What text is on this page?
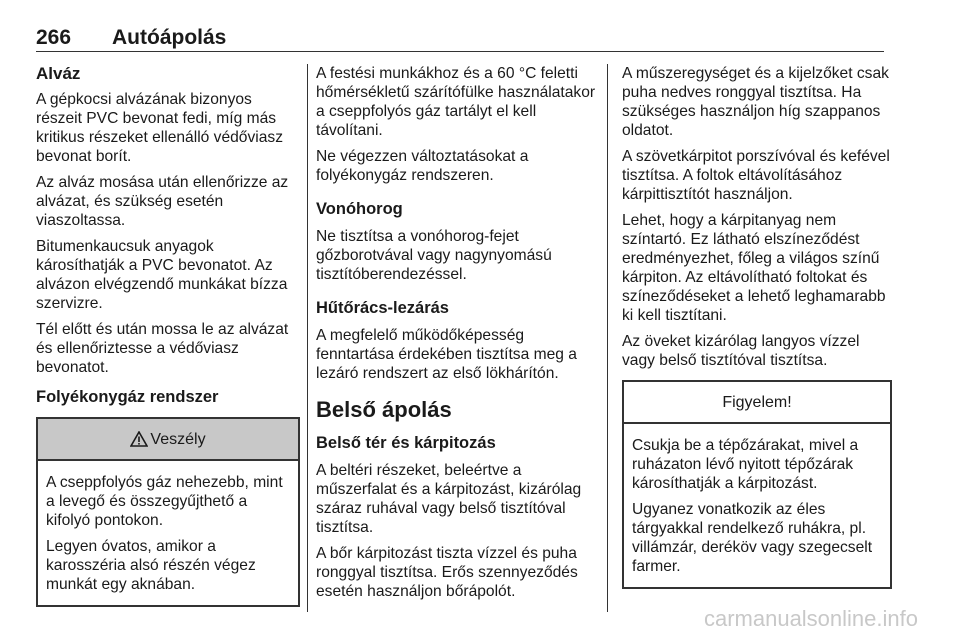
266 Autóápolás
Alváz

A gépkocsi alvázának bizonyos részeit PVC bevonat fedi, míg más kritikus részeket ellenálló védőviasz bevonat borít.

Az alváz mosása után ellenőrizze az alvázat, és szükség esetén viaszoltassa.

Bitumenkaucsuk anyagok károsíthatják a PVC bevonatot. Az alvázon elvégzendő munkákat bízza szervizre.

Tél előtt és után mossa le az alvázat és ellenőriztesse a védőviasz bevonatot.

Folyékonygáz rendszer
Veszély

A cseppfolyós gáz nehezebb, mint a levegő és összegyűjthető a kifolyó pontokon.

Legyen óvatos, amikor a karosszéria alsó részén végez munkát egy aknában.

A festési munkákhoz és a 60 °C feletti hőmérsékletű szárítófülke használatakor a cseppfolyós gáz tartályt el kell távolítani.

Ne végezzen változtatásokat a folyékonygáz rendszeren.

Vonóhorog

Ne tisztítsa a vonóhorog-fejet gőzborotvával vagy nagynyomású tisztítóberendezéssel.

Hűtőrács-lezárás

A megfelelő működőképesség fenntartása érdekében tisztítsa meg a lezáró rendszert az első lökhárítón.

Belső ápolás
Belső tér és kárpitozás

A beltéri részeket, beleértve a műszerfalat és a kárpitozást, kizárólag száraz ruhával vagy belső tisztítóval tisztítsa.

A bőr kárpitozást tiszta vízzel és puha ronggyal tisztítsa. Erős szennyeződés esetén használjon bőrápolót.

A műszeregységet és a kijelzőket csak puha nedves ronggyal tisztítsa. Ha szükséges használjon híg szappanos oldatot.

A szövetkárpitot porszívóval és kefével tisztítsa. A foltok eltávolításához kárpittisztítót használjon.

Lehet, hogy a kárpitanyag nem színtartó. Ez látható elszíneződést eredményezhet, főleg a világos színű kárpiton. Az eltávolítható foltokat és színeződéseket a lehető leghamarabb ki kell tisztítani.

Az öveket kizárólag langyos vízzel vagy belső tisztítóval tisztítsa.

Figyelem!

Csukja be a tépőzárakat, mivel a ruházaton lévő nyitott tépőzárak károsíthatják a kárpitozást.

Ugyanez vonatkozik az éles tárgyakkal rendelkező ruhákra, pl. villámzár, deréköv vagy szegecselt farmer.

carmanualsonline.info
